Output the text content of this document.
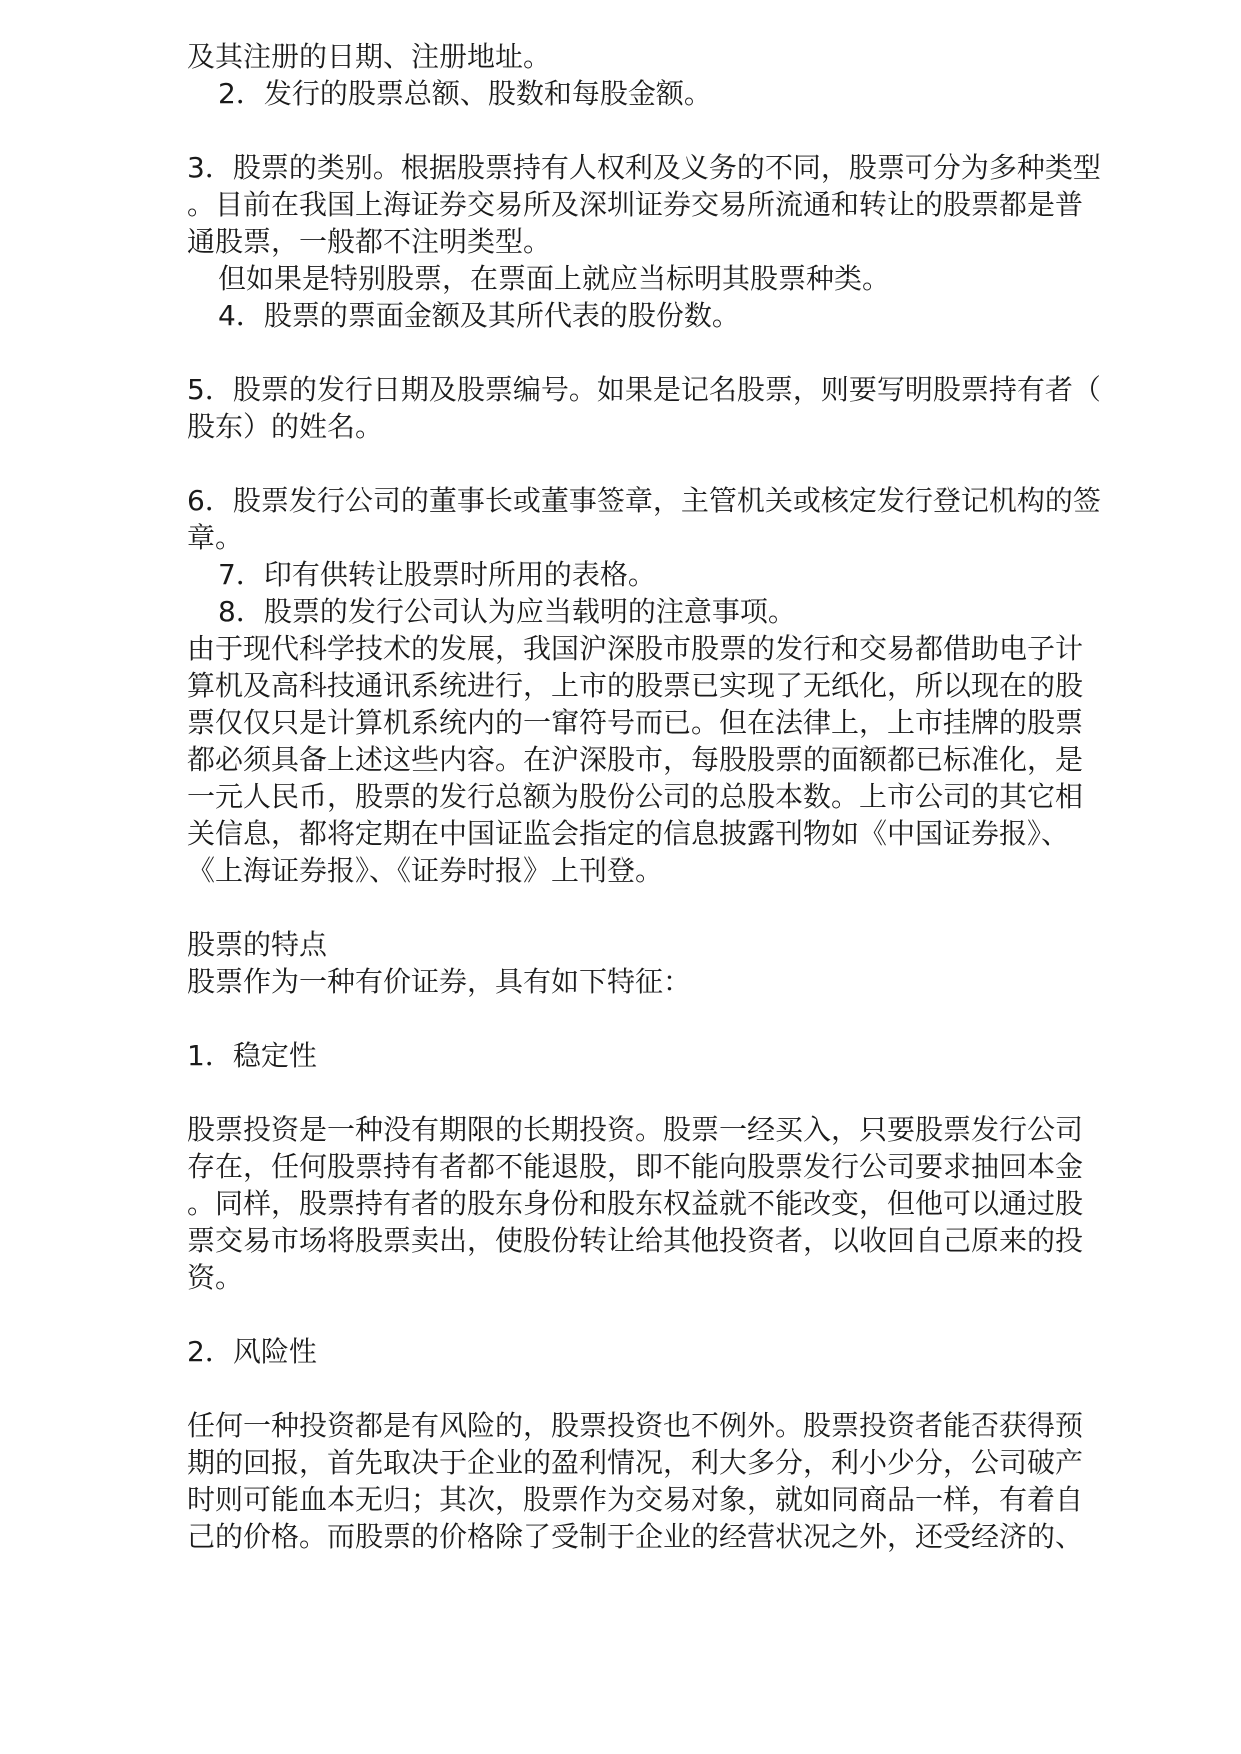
及其注册的日期、注册地址。

2．发行的股票总额、股数和每股金额。

3．股票的类别。根据股票持有人权利及义务的不同，股票可分为多种类型

。目前在我国上海证券交易所及深圳证券交易所流通和转让的股票都是普

通股票，一般都不注明类型。

但如果是特别股票，在票面上就应当标明其股票种类。

4．股票的票面金额及其所代表的股份数。

5．股票的发行日期及股票编号。如果是记名股票，则要写明股票持有者（

股东）的姓名。

6．股票发行公司的董事长或董事签章，主管机关或核定发行登记机构的签

章。

7．印有供转让股票时所用的表格。

8．股票的发行公司认为应当载明的注意事项。

由于现代科学技术的发展，我国沪深股市股票的发行和交易都借助电子计

算机及高科技通讯系统进行，上市的股票已实现了无纸化，所以现在的股

票仅仅只是计算机系统内的一窜符号而已。但在法律上，上市挂牌的股票

都必须具备上述这些内容。在沪深股市，每股股票的面额都已标准化，是

一元人民币，股票的发行总额为股份公司的总股本数。上市公司的其它相

关信息，都将定期在中国证监会指定的信息披露刊物如《中国证券报》、

《上海证券报》、《证券时报》上刊登。

股票的特点

股票作为一种有价证券，具有如下特征：

1．稳定性

股票投资是一种没有期限的长期投资。股票一经买入，只要股票发行公司

存在，任何股票持有者都不能退股，即不能向股票发行公司要求抽回本金

。同样，股票持有者的股东身份和股东权益就不能改变，但他可以通过股

票交易市场将股票卖出，使股份转让给其他投资者，以收回自己原来的投

资。

2．风险性

任何一种投资都是有风险的，股票投资也不例外。股票投资者能否获得预

期的回报，首先取决于企业的盈利情况，利大多分，利小少分，公司破产

时则可能血本无归；其次，股票作为交易对象，就如同商品一样，有着自

己的价格。而股票的价格除了受制于企业的经营状况之外，还受经济的、
